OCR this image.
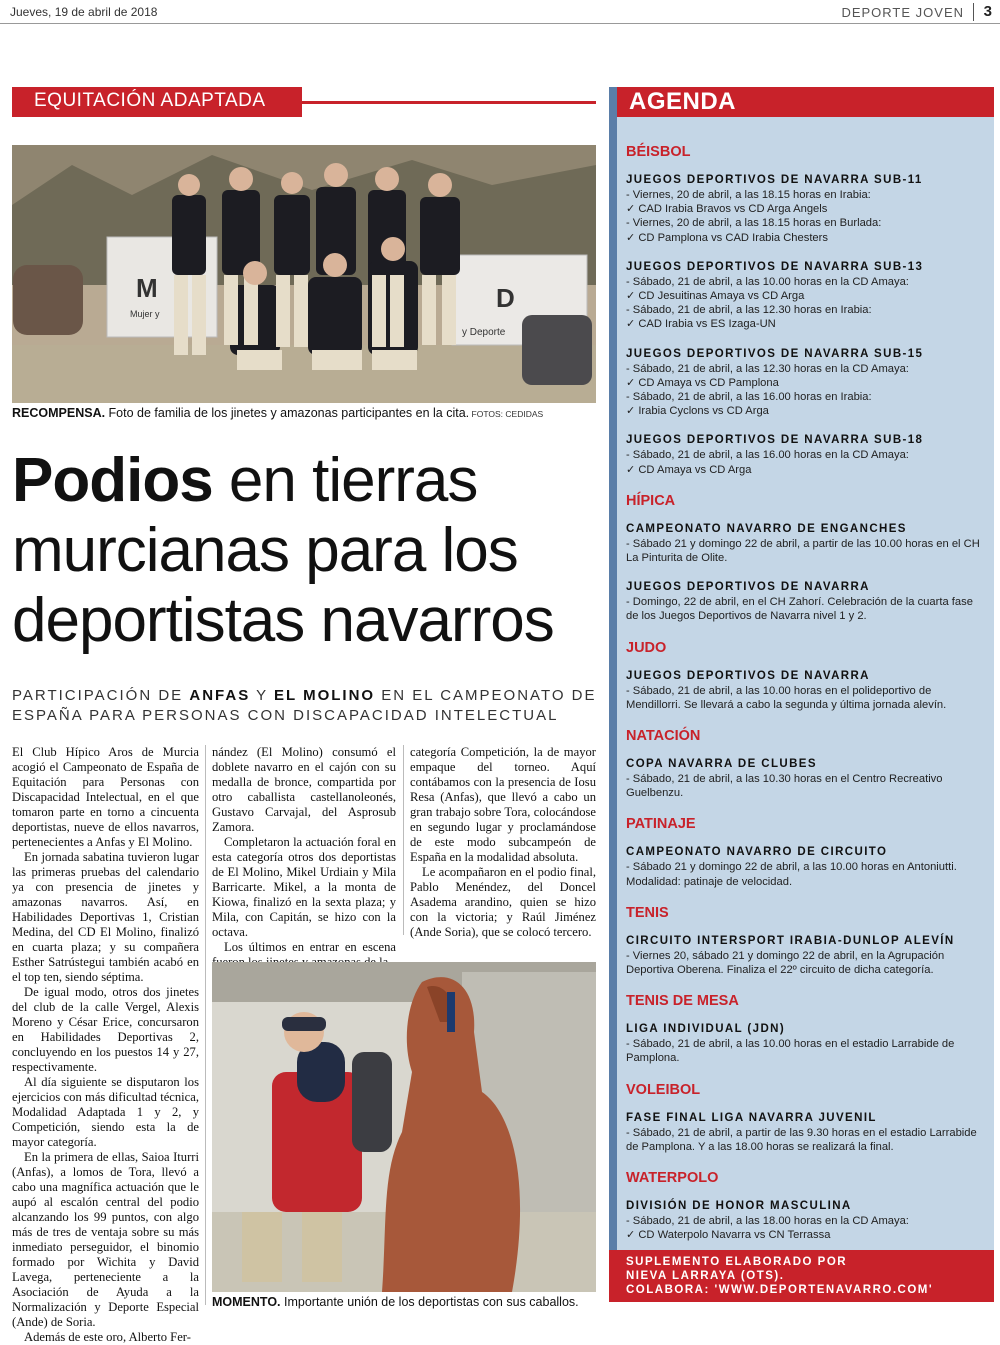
Jueves, 19 de abril de 2018	DEPORTE JOVEN 3
EQUITACIÓN ADAPTADA
M
Mujer y
D
y Deporte
RECOMPENSA. Foto de familia de los jinetes y amazonas participantes en la cita. FOTOS: CEDIDAS
Podios en tierras
murcianas para los
deportistas navarros
PARTICIPACIÓN DE ANFAS Y EL MOLINO EN EL CAMPEONATO DE ESPAÑA PARA PERSONAS CON DISCAPACIDAD INTELECTUAL

El Club Hípico Aros de Murcia acogió el Campeonato de España de Equitación para Personas con Discapacidad Intelectual, en el que tomaron parte en torno a cincuenta deportistas, nueve de ellos navarros, pertenecientes a Anfas y El Molino.

En jornada sabatina tuvieron lugar las primeras pruebas del calendario ya con presencia de jinetes y amazonas navarros. Así, en Habilidades Deportivas 1, Cristian Medina, del CD El Molino, finalizó en cuarta plaza; y su compañera Esther Satrústegui también acabó en el top ten, siendo séptima.

De igual modo, otros dos jinetes del club de la calle Vergel, Alexis Moreno y César Erice, concursaron en Habilidades Deportivas 2, concluyendo en los puestos 14 y 27, respectivamente.

Al día siguiente se disputaron los ejercicios con más dificultad técnica, Modalidad Adaptada 1 y 2, y Competición, siendo esta la de mayor categoría.

En la primera de ellas, Saioa Iturri (Anfas), a lomos de Tora, llevó a cabo una magnífica actuación que le aupó al escalón central del podio alcanzando los 99 puntos, con algo más de tres de ventaja sobre su más inmediato perseguidor, el binomio formado por Wichita y David Lavega, perteneciente a la Asociación de Ayuda a la Normalización y Deporte Especial (Ande) de Soria.

Además de este oro, Alberto Fer-

nández (El Molino) consumó el doblete navarro en el cajón con su medalla de bronce, compartida por otro caballista castellanoleonés, Gustavo Carvajal, del Asprosub Zamora.

Completaron la actuación foral en esta categoría otros dos deportistas de El Molino, Mikel Urdiain y Mila Barricarte. Mikel, a la monta de Kiowa, finalizó en la sexta plaza; y Mila, con Capitán, se hizo con la octava.

Los últimos en entrar en escena

categoría Competición, la de mayor empaque del torneo. Aquí contábamos con la presencia de Iosu Resa (Anfas), que llevó a cabo un gran trabajo sobre Tora, colocándose en segundo lugar y proclamándose de este modo subcampeón de España en la modalidad absoluta.

Le acompañaron en el podio final, Pablo Menéndez, del Doncel Asadema arandino, quien se hizo con la victoria; y Raúl Jiménez (Ande Soria), que se colocó tercero.

MOMENTO. Importante unión de los deportistas con sus caballos.
AGENDA
BÉISBOL
JUEGOS DEPORTIVOS DE NAVARRA SUB-11
- Viernes, 20 de abril, a las 18.15 horas en Irabia:
✓ CAD Irabia Bravos vs CD Arga Angels
- Viernes, 20 de abril, a las 18.15 horas en Burlada:
✓ CD Pamplona vs CAD Irabia Chesters
JUEGOS DEPORTIVOS DE NAVARRA SUB-13
- Sábado, 21 de abril, a las 10.00 horas en la CD Amaya:
✓ CD Jesuitinas Amaya vs CD Arga
- Sábado, 21 de abril, a las 12.30 horas en Irabia:
✓ CAD Irabia vs ES Izaga-UN
JUEGOS DEPORTIVOS DE NAVARRA SUB-15
- Sábado, 21 de abril, a las 12.30 horas en la CD Amaya:
✓ CD Amaya vs CD Pamplona
- Sábado, 21 de abril, a las 16.00 horas en Irabia:
✓ Irabia Cyclons vs CD Arga
JUEGOS DEPORTIVOS DE NAVARRA SUB-18
- Sábado, 21 de abril, a las 16.00 horas en la CD Amaya:
✓ CD Amaya vs CD Arga
HÍPICA
CAMPEONATO NAVARRO DE ENGANCHES
- Sábado 21 y domingo 22 de abril, a partir de las 10.00 horas en el CH La Pinturita de Olite.
JUEGOS DEPORTIVOS DE NAVARRA
- Domingo, 22 de abril, en el CH Zahorí. Celebración de la cuarta fase de los Juegos Deportivos de Navarra nivel 1 y 2.
JUDO
JUEGOS DEPORTIVOS DE NAVARRA
- Sábado, 21 de abril, a las 10.00 horas en el polideportivo de Mendillorri. Se llevará a cabo la segunda y última jornada alevín.
NATACIÓN
COPA NAVARRA DE CLUBES
- Sábado, 21 de abril, a las 10.30 horas en el Centro Recreativo Guelbenzu.
PATINAJE
CAMPEONATO NAVARRO DE CIRCUITO
- Sábado 21 y domingo 22 de abril, a las 10.00 horas en Antoniutti. Modalidad: patinaje de velocidad.
TENIS
CIRCUITO INTERSPORT IRABIA-DUNLOP ALEVÍN
- Viernes 20, sábado 21 y domingo 22 de abril, en la Agrupación Deportiva Oberena. Finaliza el 22º circuito de dicha categoría.
TENIS DE MESA
LIGA INDIVIDUAL (JDN)
- Sábado, 21 de abril, a las 10.00 horas en el estadio Larrabide de Pamplona.
VOLEIBOL
FASE FINAL LIGA NAVARRA JUVENIL
- Sábado, 21 de abril, a partir de las 9.30 horas en el estadio Larrabide de Pamplona. Y a las 18.00 horas se realizará la final.
WATERPOLO
DIVISIÓN DE HONOR MASCULINA
- Sábado, 21 de abril, a las 18.00 horas en la CD Amaya:
✓ CD Waterpolo Navarra vs CN Terrassa
SUPLEMENTO ELABORADO POR
NIEVA LARRAYA (OTS).
COLABORA: 'WWW.DEPORTENAVARRO.COM'
